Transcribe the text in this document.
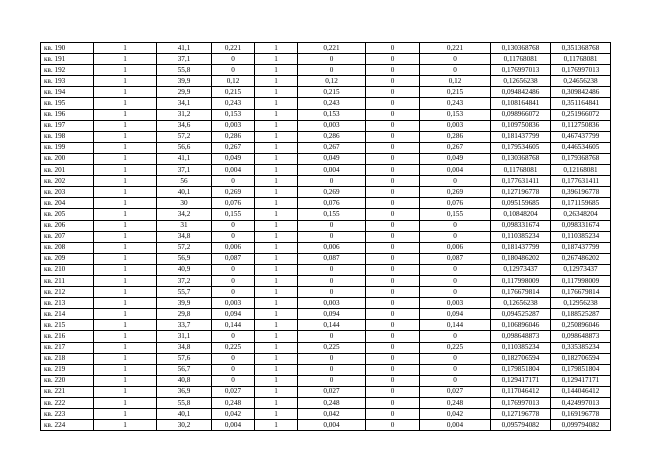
кв. 190	1	41,1	0,221	1	0,221	0	0,221	0,130368768	0,351368768
кв. 191	1	37,1	0	1	0	0	0	0,11768081	0,11768081
кв. 192	1	55,8	0	1	0	0	0	0,176997013	0,176997013
кв. 193	1	39,9	0,12	1	0,12	0	0,12	0,12656238	0,24656238
кв. 194	1	29,9	0,215	1	0,215	0	0,215	0,094842486	0,309842486
кв. 195	1	34,1	0,243	1	0,243	0	0,243	0,108164841	0,351164841
кв. 196	1	31,2	0,153	1	0,153	0	0,153	0,098966072	0,251966072
кв. 197	1	34,6	0,003	1	0,003	0	0,003	0,109750836	0,112750836
кв. 198	1	57,2	0,286	1	0,286	0	0,286	0,181437799	0,467437799
кв. 199	1	56,6	0,267	1	0,267	0	0,267	0,179534605	0,446534605
кв. 200	1	41,1	0,049	1	0,049	0	0,049	0,130368768	0,179368768
кв. 201	1	37,1	0,004	1	0,004	0	0,004	0,11768081	0,12168081
кв. 202	1	56	0	1	0	0	0	0,177631411	0,177631411
кв. 203	1	40,1	0,269	1	0,269	0	0,269	0,127196778	0,396196778
кв. 204	1	30	0,076	1	0,076	0	0,076	0,095159685	0,171159685
кв. 205	1	34,2	0,155	1	0,155	0	0,155	0,10848204	0,26348204
кв. 206	1	31	0	1	0	0	0	0,098331674	0,098331674
кв. 207	1	34,8	0	1	0	0	0	0,110385234	0,110385234
кв. 208	1	57,2	0,006	1	0,006	0	0,006	0,181437799	0,187437799
кв. 209	1	56,9	0,087	1	0,087	0	0,087	0,180486202	0,267486202
кв. 210	1	40,9	0	1	0	0	0	0,12973437	0,12973437
кв. 211	1	37,2	0	1	0	0	0	0,117998009	0,117998009
кв. 212	1	55,7	0	1	0	0	0	0,176679814	0,176679814
кв. 213	1	39,9	0,003	1	0,003	0	0,003	0,12656238	0,12956238
кв. 214	1	29,8	0,094	1	0,094	0	0,094	0,094525287	0,188525287
кв. 215	1	33,7	0,144	1	0,144	0	0,144	0,106896046	0,250896046
кв. 216	1	31,1	0	1	0	0	0	0,098648873	0,098648873
кв. 217	1	34,8	0,225	1	0,225	0	0,225	0,110385234	0,335385234
кв. 218	1	57,6	0	1	0	0	0	0,182706594	0,182706594
кв. 219	1	56,7	0	1	0	0	0	0,179851804	0,179851804
кв. 220	1	40,8	0	1	0	0	0	0,129417171	0,129417171
кв. 221	1	36,9	0,027	1	0,027	0	0,027	0,117046412	0,144046412
кв. 222	1	55,8	0,248	1	0,248	0	0,248	0,176997013	0,424997013
кв. 223	1	40,1	0,042	1	0,042	0	0,042	0,127196778	0,169196778
кв. 224	1	30,2	0,004	1	0,004	0	0,004	0,095794082	0,099794082
